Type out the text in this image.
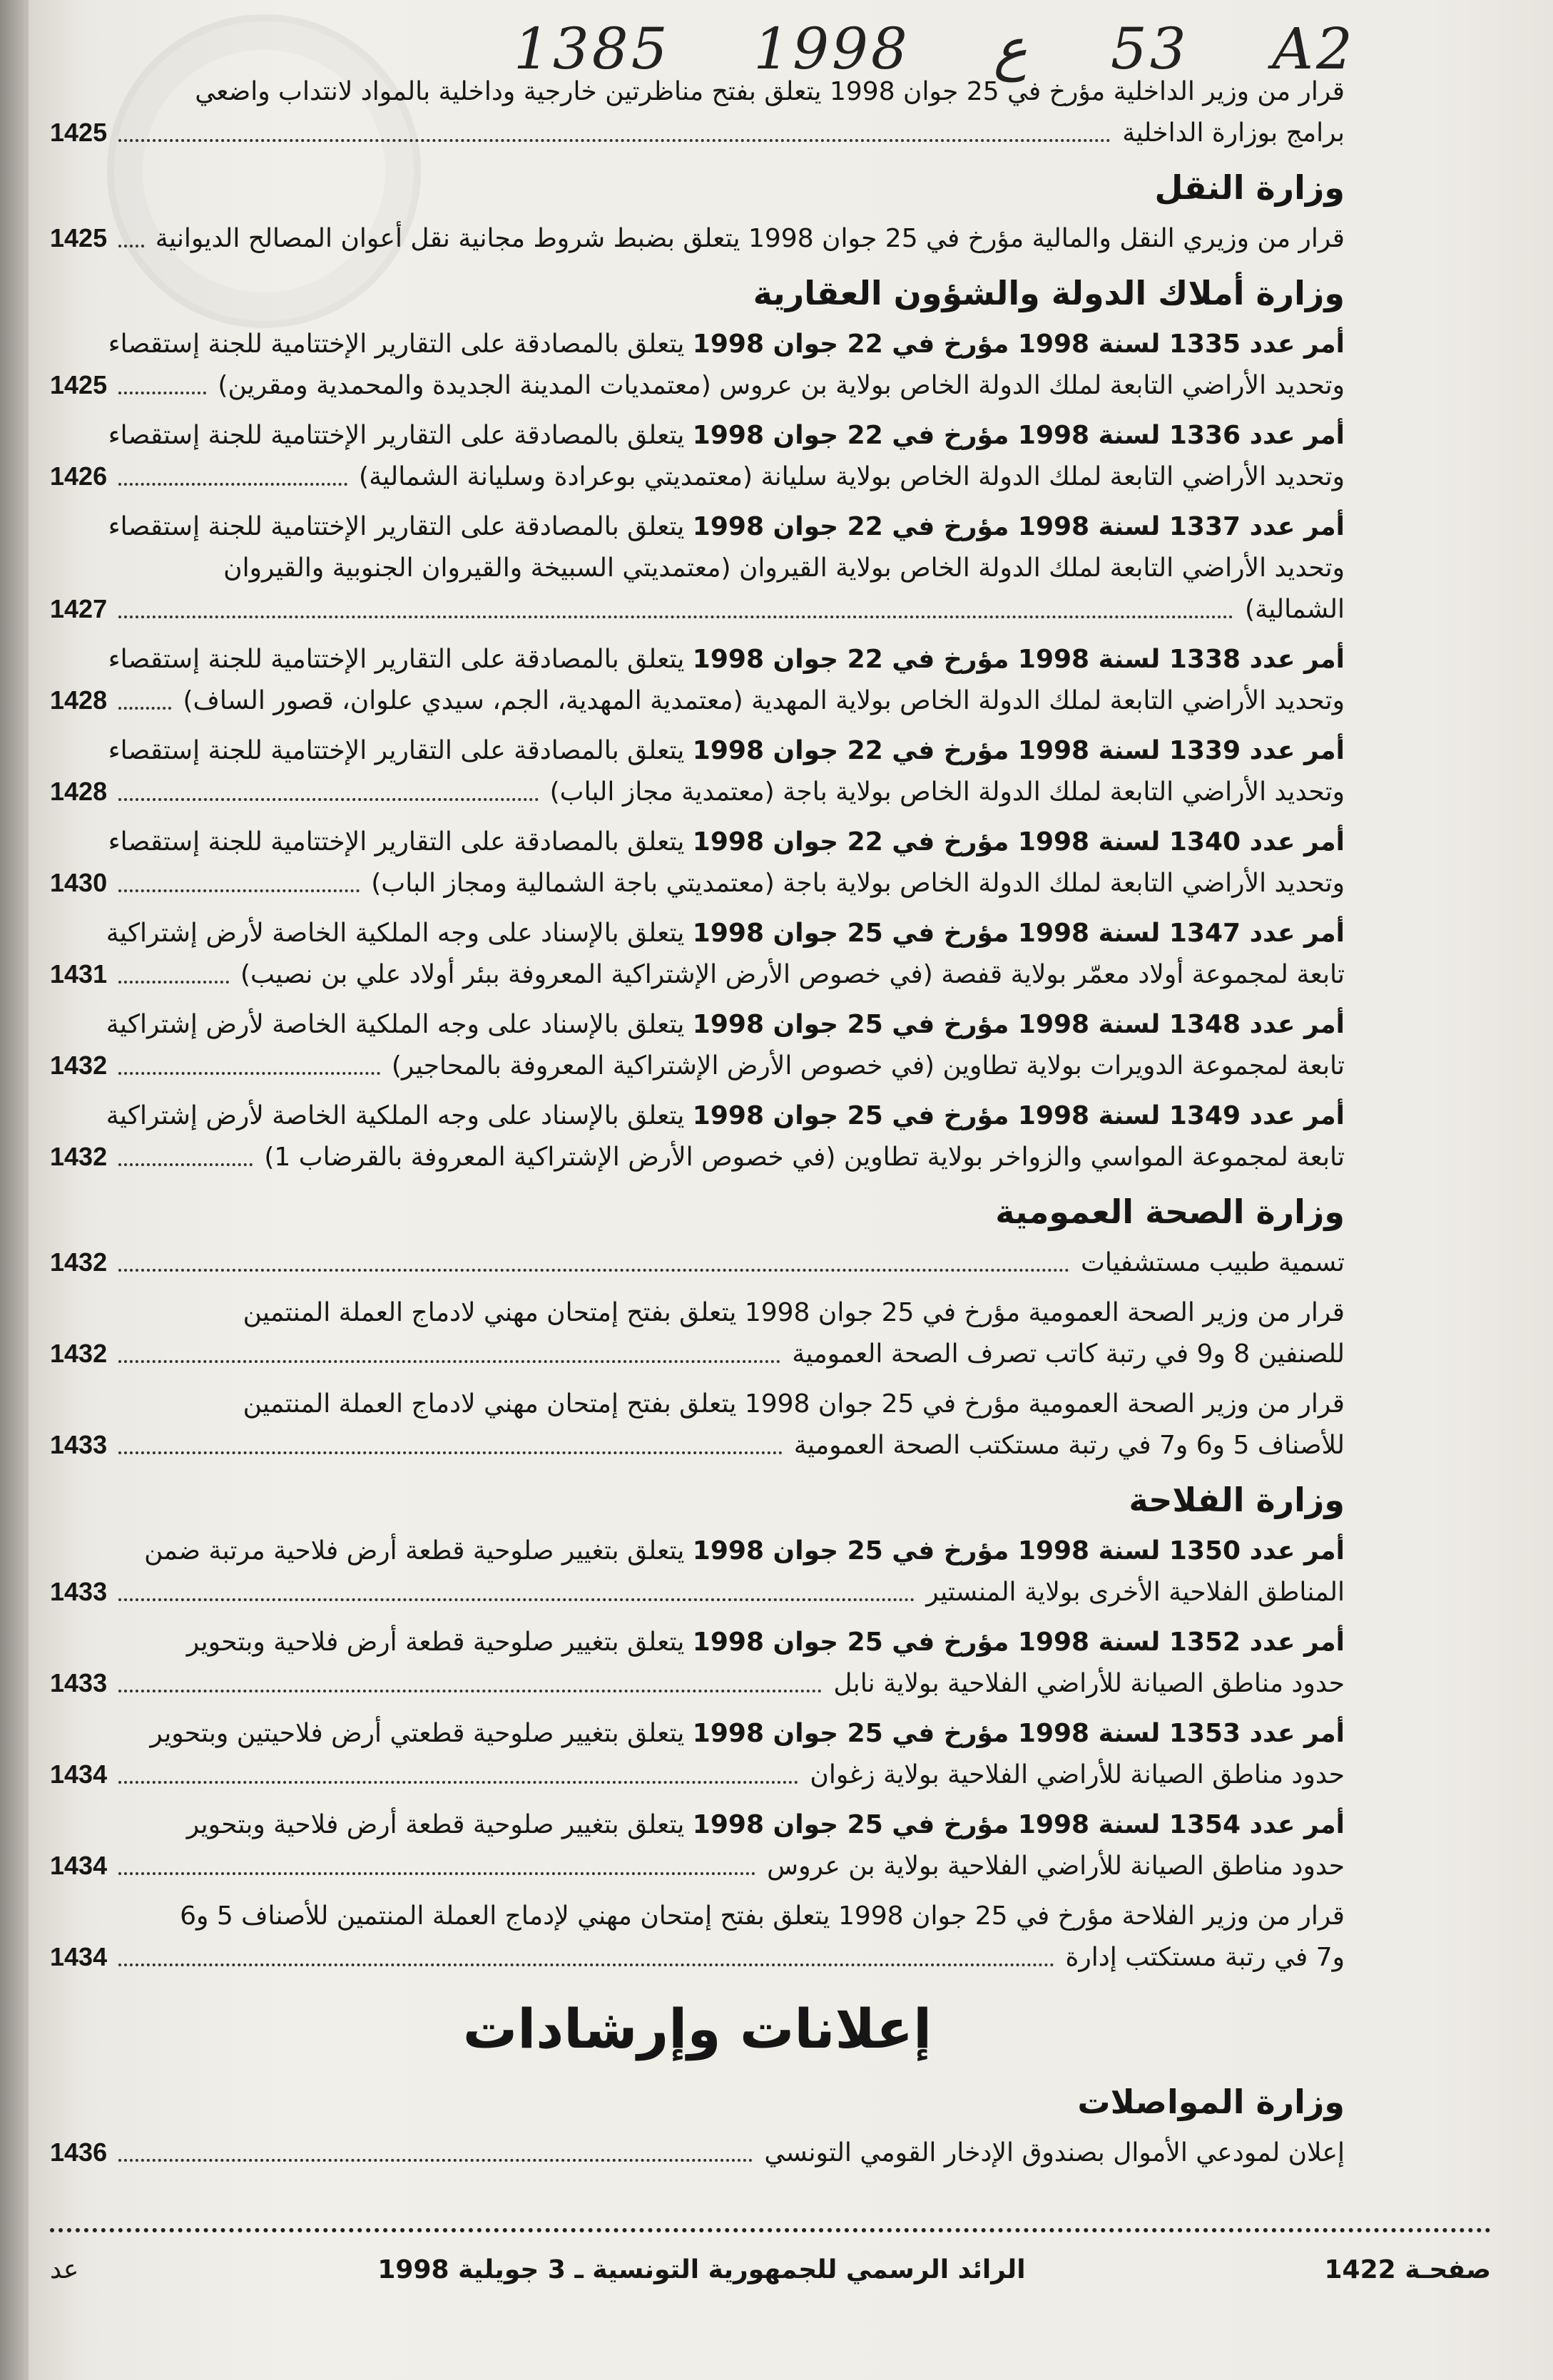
1385 1998 ع 53 A2
قرار من وزير الداخلية مؤرخ في 25 جوان 1998 يتعلق بفتح مناظرتين خارجية وداخلية بالمواد لانتداب واضعي
برامج بوزارة الداخلية
1425
وزارة النقل
قرار من وزيري النقل والمالية مؤرخ في 25 جوان 1998 يتعلق بضبط شروط مجانية نقل أعوان المصالح الديوانية
1425
وزارة أملاك الدولة والشؤون العقارية
أمر عدد 1335 لسنة 1998 مؤرخ في 22 جوان 1998 يتعلق بالمصادقة على التقارير الإختتامية للجنة إستقصاء
وتحديد الأراضي التابعة لملك الدولة الخاص بولاية بن عروس (معتمديات المدينة الجديدة والمحمدية ومقرين)
1425
أمر عدد 1336 لسنة 1998 مؤرخ في 22 جوان 1998 يتعلق بالمصادقة على التقارير الإختتامية للجنة إستقصاء
وتحديد الأراضي التابعة لملك الدولة الخاص بولاية سليانة (معتمديتي بوعرادة وسليانة الشمالية)
1426
أمر عدد 1337 لسنة 1998 مؤرخ في 22 جوان 1998 يتعلق بالمصادقة على التقارير الإختتامية للجنة إستقصاء
وتحديد الأراضي التابعة لملك الدولة الخاص بولاية القيروان (معتمديتي السبيخة والقيروان الجنوبية والقيروان
الشمالية)
1427
أمر عدد 1338 لسنة 1998 مؤرخ في 22 جوان 1998 يتعلق بالمصادقة على التقارير الإختتامية للجنة إستقصاء
وتحديد الأراضي التابعة لملك الدولة الخاص بولاية المهدية (معتمدية المهدية، الجم، سيدي علوان، قصور الساف)
1428
أمر عدد 1339 لسنة 1998 مؤرخ في 22 جوان 1998 يتعلق بالمصادقة على التقارير الإختتامية للجنة إستقصاء
وتحديد الأراضي التابعة لملك الدولة الخاص بولاية باجة (معتمدية مجاز الباب)
1428
أمر عدد 1340 لسنة 1998 مؤرخ في 22 جوان 1998 يتعلق بالمصادقة على التقارير الإختتامية للجنة إستقصاء
وتحديد الأراضي التابعة لملك الدولة الخاص بولاية باجة (معتمديتي باجة الشمالية ومجاز الباب)
1430
أمر عدد 1347 لسنة 1998 مؤرخ في 25 جوان 1998 يتعلق بالإسناد على وجه الملكية الخاصة لأرض إشتراكية
تابعة لمجموعة أولاد معمّر بولاية قفصة (في خصوص الأرض الإشتراكية المعروفة ببئر أولاد علي بن نصيب)
1431
أمر عدد 1348 لسنة 1998 مؤرخ في 25 جوان 1998 يتعلق بالإسناد على وجه الملكية الخاصة لأرض إشتراكية
تابعة لمجموعة الدويرات بولاية تطاوين (في خصوص الأرض الإشتراكية المعروفة بالمحاجير)
1432
أمر عدد 1349 لسنة 1998 مؤرخ في 25 جوان 1998 يتعلق بالإسناد على وجه الملكية الخاصة لأرض إشتراكية
تابعة لمجموعة المواسي والزواخر بولاية تطاوين (في خصوص الأرض الإشتراكية المعروفة بالقرضاب 1)
1432
وزارة الصحة العمومية
تسمية طبيب مستشفيات
1432
قرار من وزير الصحة العمومية مؤرخ في 25 جوان 1998 يتعلق بفتح إمتحان مهني لادماج العملة المنتمين
للصنفين 8 و9 في رتبة كاتب تصرف الصحة العمومية
1432
قرار من وزير الصحة العمومية مؤرخ في 25 جوان 1998 يتعلق بفتح إمتحان مهني لادماج العملة المنتمين
للأصناف 5 و6 و7 في رتبة مستكتب الصحة العمومية
1433
وزارة الفلاحة
أمر عدد 1350 لسنة 1998 مؤرخ في 25 جوان 1998 يتعلق بتغيير صلوحية قطعة أرض فلاحية مرتبة ضمن
المناطق الفلاحية الأخرى بولاية المنستير
1433
أمر عدد 1352 لسنة 1998 مؤرخ في 25 جوان 1998 يتعلق بتغيير صلوحية قطعة أرض فلاحية وبتحوير
حدود مناطق الصيانة للأراضي الفلاحية بولاية نابل
1433
أمر عدد 1353 لسنة 1998 مؤرخ في 25 جوان 1998 يتعلق بتغيير صلوحية قطعتي أرض فلاحيتين وبتحوير
حدود مناطق الصيانة للأراضي الفلاحية بولاية زغوان
1434
أمر عدد 1354 لسنة 1998 مؤرخ في 25 جوان 1998 يتعلق بتغيير صلوحية قطعة أرض فلاحية وبتحوير
حدود مناطق الصيانة للأراضي الفلاحية بولاية بن عروس
1434
قرار من وزير الفلاحة مؤرخ في 25 جوان 1998 يتعلق بفتح إمتحان مهني لإدماج العملة المنتمين للأصناف 5 و6
و7 في رتبة مستكتب إدارة
1434
إعلانات وإرشادات
وزارة المواصلات
إعلان لمودعي الأموال بصندوق الإدخار القومي التونسي
1436
صفحـة 1422
الرائد الرسمي للجمهورية التونسية ـ 3 جويلية 1998
عد
